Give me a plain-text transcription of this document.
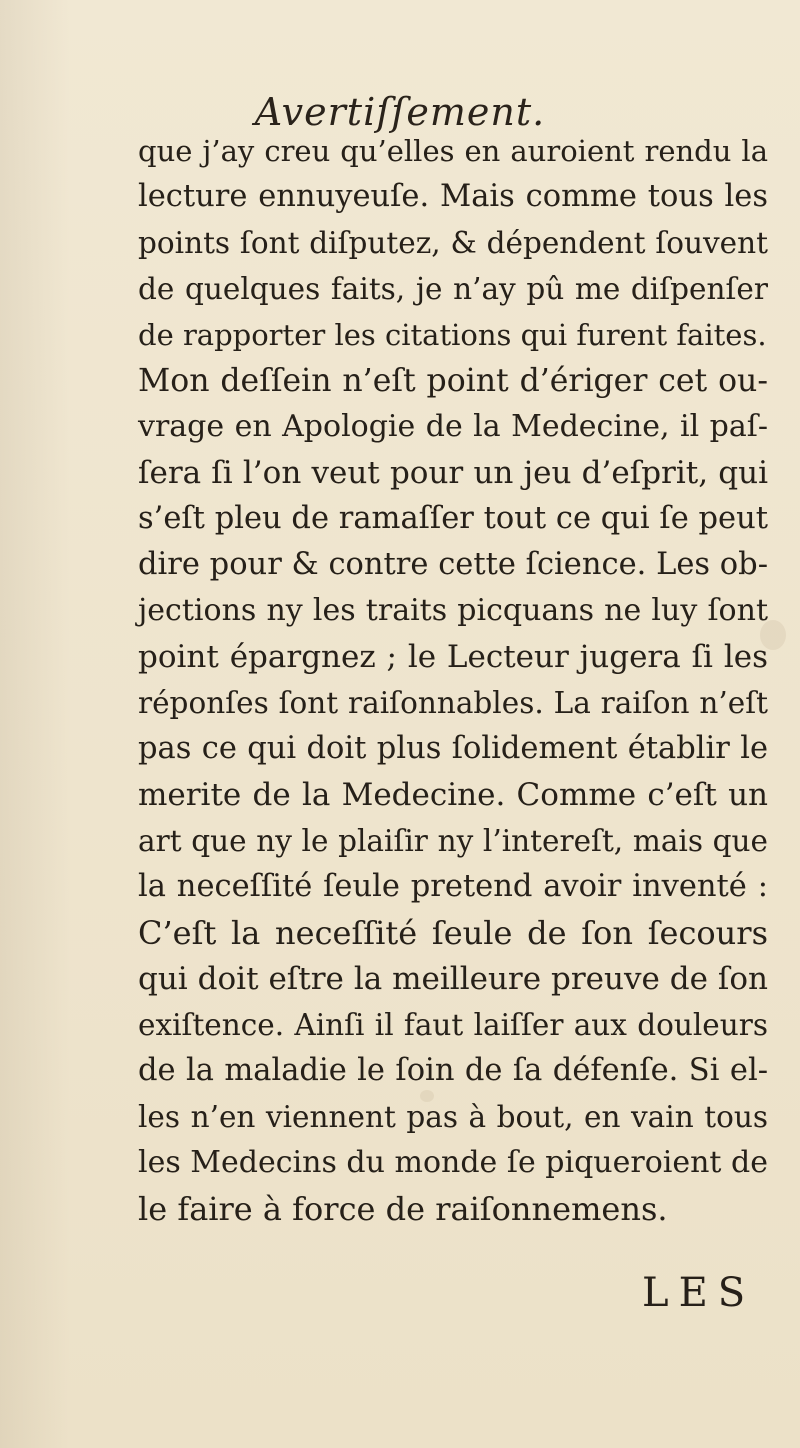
Avertiſſement.
que j’ay creu qu’elles en auroient rendu la
lecture ennuyeuſe. Mais comme tous les
points ſont diſputez, & dépendent ſouvent
de quelques faits, je n’ay pû me diſpenſer
de rapporter les citations qui furent faites.
Mon deſſein n’eſt point d’ériger cet ou-
vrage en Apologie de la Medecine, il paſ-
ſera ſi l’on veut pour un jeu d’eſprit, qui
s’eſt pleu de ramaſſer tout ce qui ſe peut
dire pour & contre cette ſcience. Les ob-
jections ny les traits picquans ne luy ſont
point épargnez ; le Lecteur jugera ſi les
réponſes ſont raiſonnables. La raiſon n’eſt
pas ce qui doit plus ſolidement établir le
merite de la Medecine. Comme c’eſt un
art que ny le plaiſir ny l’intereſt, mais que
la neceſſité ſeule pretend avoir inventé :
C’eſt la neceſſité ſeule de ſon ſecours
qui doit eſtre la meilleure preuve de ſon
exiſtence. Ainſi il faut laiſſer aux douleurs
de la maladie le ſoin de ſa défenſe. Si el-
les n’en viennent pas à bout, en vain tous
les Medecins du monde ſe piqueroient de
le faire à force de raiſonnemens.
LES
